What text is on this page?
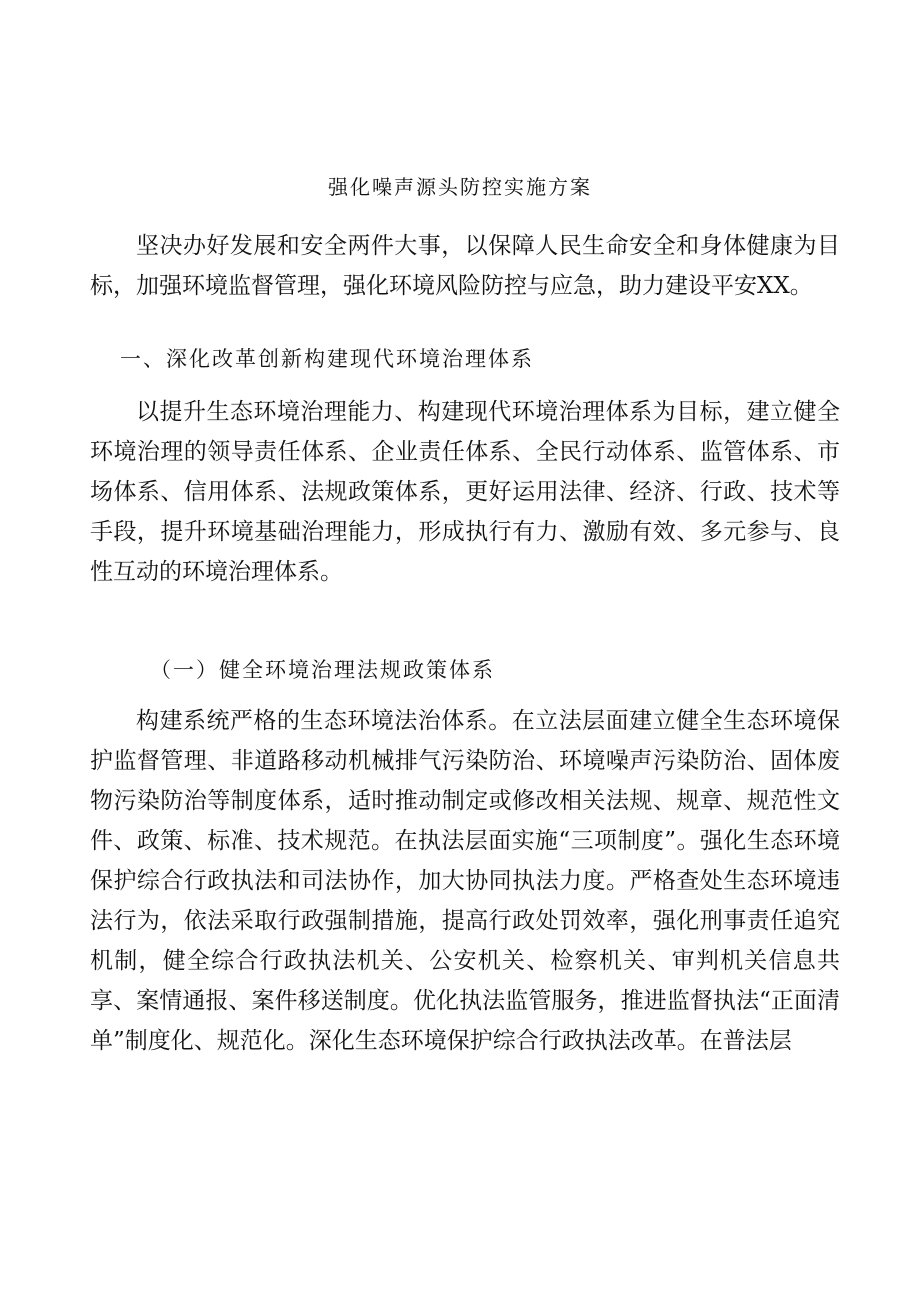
强化噪声源头防控实施方案

坚决办好发展和安全两件大事，以保障人民生命安全和身体健康为目标，加强环境监督管理，强化环境风险防控与应急，助力建设平安XX。

一、深化改革创新构建现代环境治理体系

以提升生态环境治理能力、构建现代环境治理体系为目标，建立健全环境治理的领导责任体系、企业责任体系、全民行动体系、监管体系、市场体系、信用体系、法规政策体系，更好运用法律、经济、行政、技术等手段，提升环境基础治理能力，形成执行有力、激励有效、多元参与、良性互动的环境治理体系。

（一）健全环境治理法规政策体系

构建系统严格的生态环境法治体系。在立法层面建立健全生态环境保护监督管理、非道路移动机械排气污染防治、环境噪声污染防治、固体废物污染防治等制度体系，适时推动制定或修改相关法规、规章、规范性文件、政策、标准、技术规范。在执法层面实施“三项制度”。强化生态环境保护综合行政执法和司法协作，加大协同执法力度。严格查处生态环境违法行为，依法采取行政强制措施，提高行政处罚效率，强化刑事责任追究机制，健全综合行政执法机关、公安机关、检察机关、审判机关信息共享、案情通报、案件移送制度。优化执法监管服务，推进监督执法“正面清单”制度化、规范化。深化生态环境保护综合行政执法改革。在普法层
